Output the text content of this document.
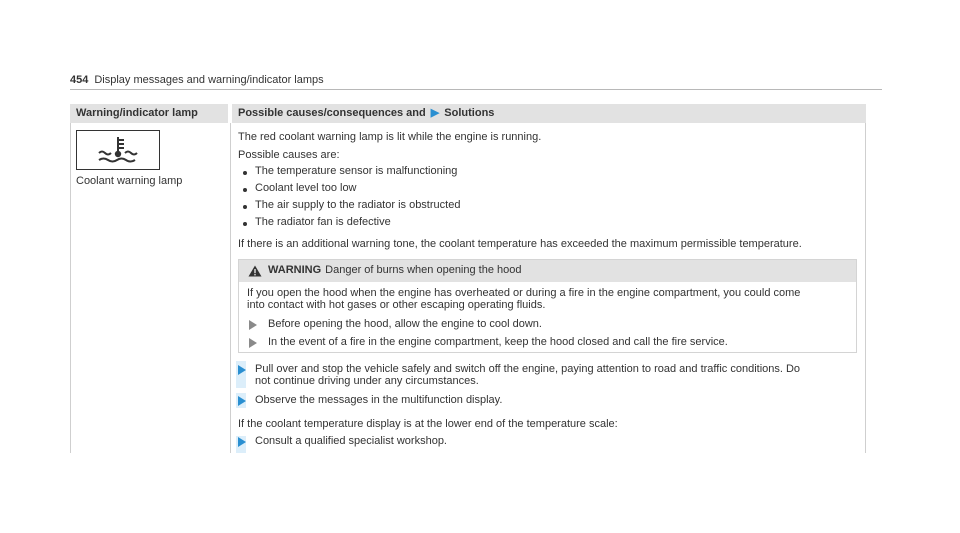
454 Display messages and warning/indicator lamps
Warning/indicator lamp	Possible causes/consequences and ▶ Solutions
Coolant warning lamp
The red coolant warning lamp is lit while the engine is running.
Possible causes are:
The temperature sensor is malfunctioning
Coolant level too low
The air supply to the radiator is obstructed
The radiator fan is defective
If there is an additional warning tone, the coolant temperature has exceeded the maximum permissible temperature.
WARNING Danger of burns when opening the hood
If you open the hood when the engine has overheated or during a fire in the engine compartment, you could come
into contact with hot gases or other escaping operating fluids.
Before opening the hood, allow the engine to cool down.
In the event of a fire in the engine compartment, keep the hood closed and call the fire service.
Pull over and stop the vehicle safely and switch off the engine, paying attention to road and traffic conditions. Do
not continue driving under any circumstances.
Observe the messages in the multifunction display.
If the coolant temperature display is at the lower end of the temperature scale:
Consult a qualified specialist workshop.
